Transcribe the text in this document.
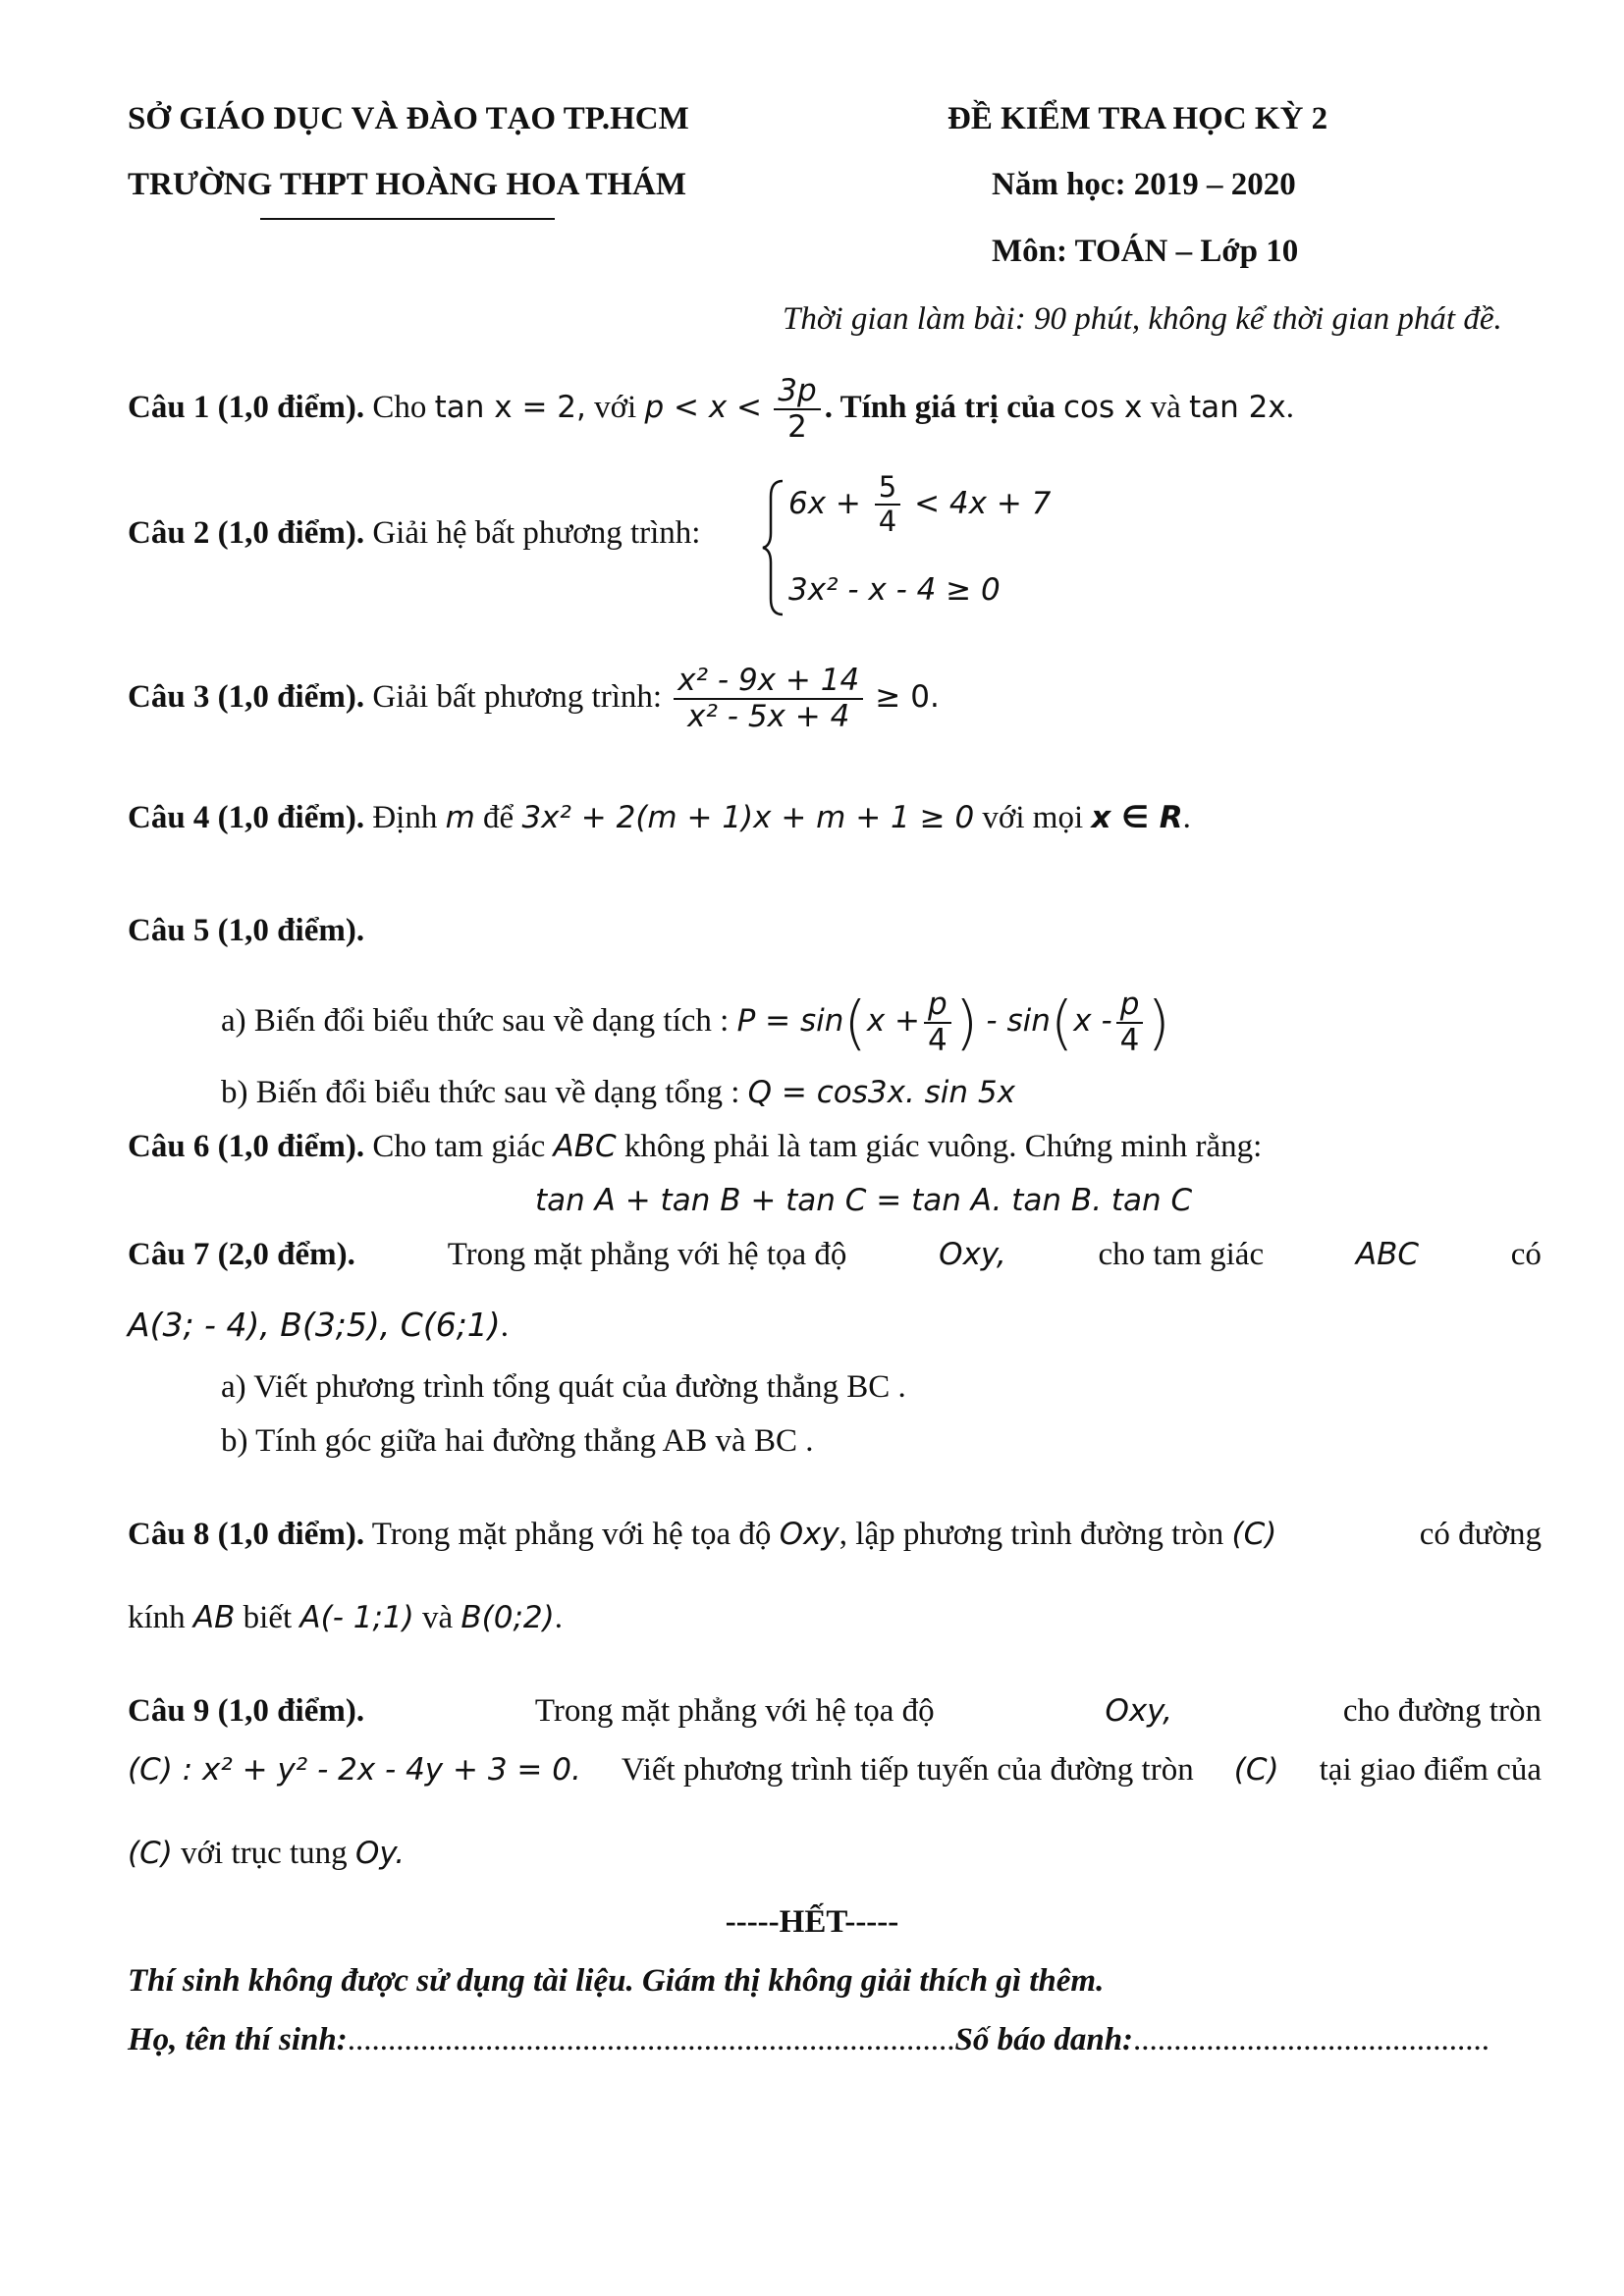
SỞ GIÁO DỤC VÀ ĐÀO TẠO TP.HCM
TRƯỜNG THPT HOÀNG HOA THÁM
ĐỀ KIỂM TRA HỌC KỲ 2
Năm học: 2019 – 2020
Môn: TOÁN – Lớp 10
Thời gian làm bài: 90 phút, không kể thời gian phát đề.
Câu 1 (1,0 điểm). Cho tan x = 2, với $p < x < \frac{3p}{2}$ . Tính giá trị của cos x và tan 2x.
Câu 2 (1,0 điểm). Giải hệ bất phương trình:
$6x + \frac{5}{4} < 4x + 7$
3x² - x - 4 ≥ 0
Câu 3 (1,0 điểm). Giải bất phương trình: $\frac{\text{x² - 9x + 14}}{\text{x² - 5x + 4}} \ge 0$.
Câu 4 (1,0 điểm). Định m để 3x² + 2(m + 1)x + m + 1 ≥ 0 với mọi x ∈ R.
Câu 5 (1,0 điểm).
a) Biến đổi biểu thức sau về dạng tích : $P = \sin(x + \frac{p}{4}$ ) - $\sin(x - \frac{p}{4}$ )
b) Biến đổi biểu thức sau về dạng tổng : Q = cos3x. sin 5x
Câu 6 (1,0 điểm). Cho tam giác ABC không phải là tam giác vuông. Chứng minh rằng:
tan A + tan B + tan C = tan A. tan B. tan C
Câu 7 (2,0 đểm).	Trong mặt phẳng với hệ tọa độ	Oxy,	cho tam giác	ABC	có
A(3; - 4), B(3;5), C(6;1).
a) Viết phương trình tổng quát của đường thẳng BC .
b) Tính góc giữa hai đường thẳng AB và BC .
Câu 8 (1,0 điểm). Trong mặt phẳng với hệ tọa độ Oxy, lập phương trình đường tròn (C)	có đường
kính AB biết A(- 1;1) và B(0;2).
Câu 9 (1,0 điểm).	Trong mặt phẳng với hệ tọa độ	Oxy,	cho đường tròn
(C) : x² + y² - 2x - 4y + 3 = 0. Viết phương trình tiếp tuyến của đường tròn (C) tại giao điểm của
(C) với trục tung Oy.
-----HẾT-----
Thí sinh không được sử dụng tài liệu. Giám thị không giải thích gì thêm.
Họ, tên thí sinh:...........................................................................Số báo danh:............................................
